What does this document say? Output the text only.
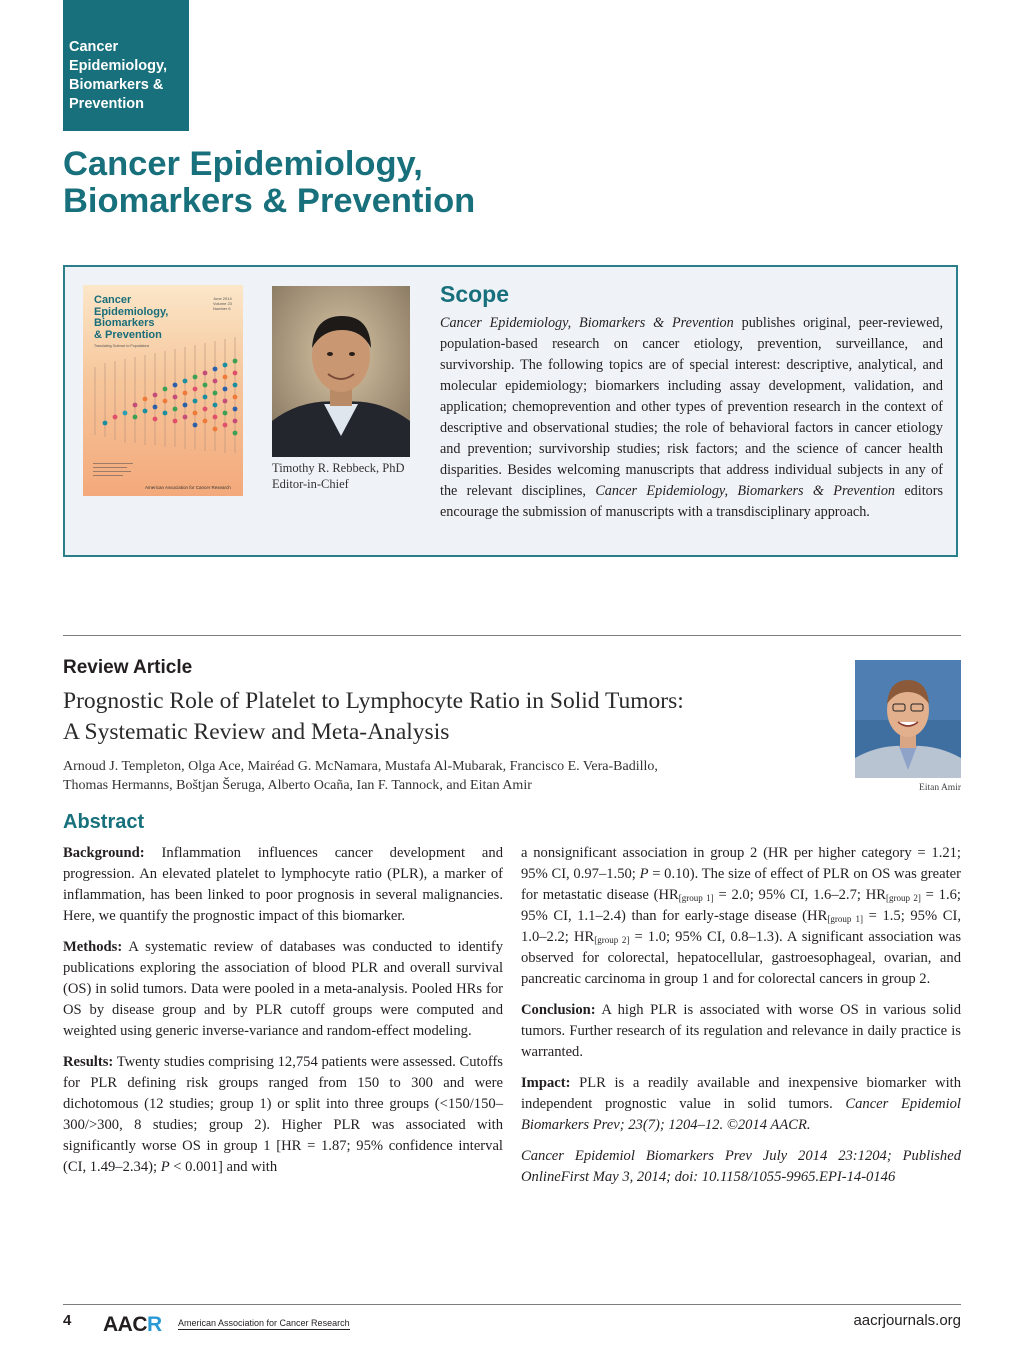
Cancer
Epidemiology,
Biomarkers &
Prevention
Cancer Epidemiology,
Biomarkers & Prevention
Cancer
Epidemiology,
Biomarkers
& Prevention
Translating Science to Populations
June 2014
Volume 23
Number 6
American Association for Cancer Research
Timothy R. Rebbeck, PhD
Editor-in-Chief
Scope
Cancer Epidemiology, Biomarkers & Prevention publishes original, peer-reviewed, population-based research on cancer etiology, prevention, surveillance, and survivorship. The following topics are of special interest: descriptive, analytical, and molecular epidemiology; biomarkers including assay development, validation, and application; chemoprevention and other types of prevention research in the context of descriptive and observational studies; the role of behavioral factors in cancer etiology and prevention; survivorship studies; risk factors; and the science of cancer health disparities. Besides welcoming manuscripts that address individual subjects in any of the relevant disciplines, Cancer Epidemiology, Biomarkers & Prevention editors encourage the submission of manuscripts with a transdisciplinary approach.
Review Article
Prognostic Role of Platelet to Lymphocyte Ratio in Solid Tumors:
A Systematic Review and Meta-Analysis
Arnoud J. Templeton, Olga Ace, Mairéad G. McNamara, Mustafa Al-Mubarak, Francisco E. Vera-Badillo,
Thomas Hermanns, Boštjan Šeruga, Alberto Ocaña, Ian F. Tannock, and Eitan Amir	Eitan Amir
Abstract

Background: Inflammation influences cancer development and progression. An elevated platelet to lymphocyte ratio (PLR), a marker of inflammation, has been linked to poor prognosis in several malignancies. Here, we quantify the prognostic impact of this biomarker.

Methods: A systematic review of databases was conducted to identify publications exploring the association of blood PLR and overall survival (OS) in solid tumors. Data were pooled in a meta-analysis. Pooled HRs for OS by disease group and by PLR cutoff groups were computed and weighted using generic inverse-variance and random-effect modeling.

Results: Twenty studies comprising 12,754 patients were assessed. Cutoffs for PLR defining risk groups ranged from 150 to 300 and were dichotomous (12 studies; group 1) or split into three groups (<150/150–300/>300, 8 studies; group 2). Higher PLR was associated with significantly worse OS in group 1 [HR = 1.87; 95% confidence interval (CI, 1.49–2.34); P < 0.001] and with

a nonsignificant association in group 2 (HR per higher category = 1.21; 95% CI, 0.97–1.50; P = 0.10). The size of effect of PLR on OS was greater for metastatic disease ($HR_{[group 1]} = 2.0$; 95% CI, 1.6–2.7; $HR_{[group 2]} = 1.6$; 95% CI, 1.1–2.4) than for early-stage disease ($HR_{[group 1]} = 1.5$; 95% CI, 1.0–2.2; $HR_{[group 2]} = 1.0$; 95% CI, 0.8–1.3). A significant association was observed for colorectal, hepatocellular, gastroesophageal, ovarian, and pancreatic carcinoma in group 1 and for colorectal cancers in group 2.

Conclusion: A high PLR is associated with worse OS in various solid tumors. Further research of its regulation and relevance in daily practice is warranted.

Impact: PLR is a readily available and inexpensive biomarker with independent prognostic value in solid tumors. Cancer Epidemiol Biomarkers Prev; 23(7); 1204–12. ©2014 AACR.

Cancer Epidemiol Biomarkers Prev July 2014 23:1204; Published OnlineFirst May 3, 2014; doi: 10.1158/1055-9965.EPI-14-0146

4 AACR American Association for Cancer Research	aacrjournals.org
